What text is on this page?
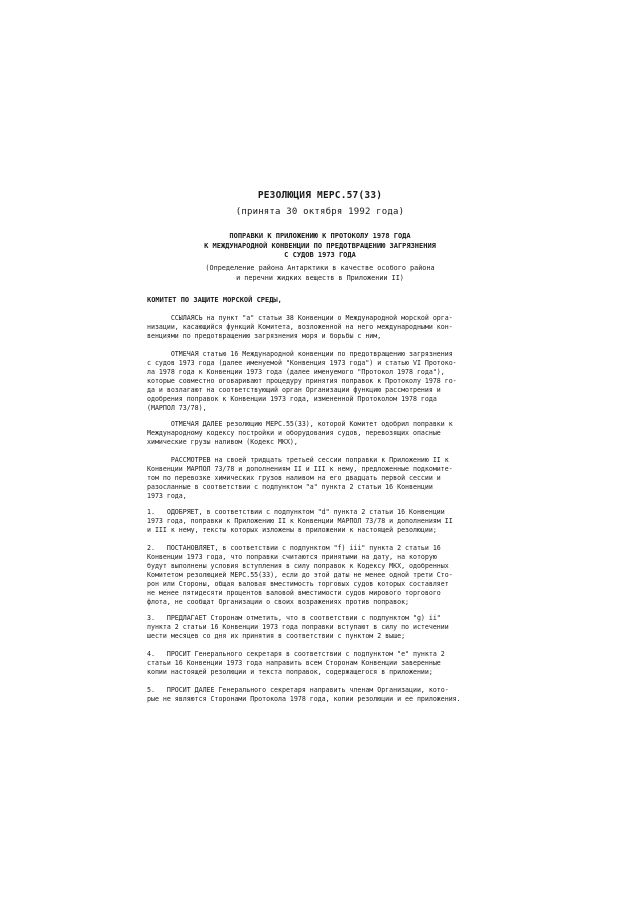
РЕЗОЛЮЦИЯ МЕРС.57(33)
(принята 30 октября 1992 года)
ПОПРАВКИ К ПРИЛОЖЕНИЮ К ПРОТОКОЛУ 1978 ГОДА
К МЕЖДУНАРОДНОЙ КОНВЕНЦИИ ПО ПРЕДОТВРАЩЕНИЮ ЗАГРЯЗНЕНИЯ
С СУДОВ 1973 ГОДА
(Определение района Антарктики в качестве особого района
и перечни жидких веществ в Приложении II)
КОМИТЕТ ПО ЗАЩИТЕ МОРСКОЙ СРЕДЫ,
ССЫЛАЯСЬ на пункт "а" статьи 38 Конвенции о Международной морской орга-
низации, касающийся функций Комитета, возложенной на него международными кон-
венциями по предотвращению загрязнения моря и борьбы с ним,
ОТМЕЧАЯ статью 16 Международной конвенции по предотвращению загрязнения
с судов 1973 года (далее именуемой "Конвенция 1973 года") и статью VI Протоко-
ла 1978 года к Конвенции 1973 года (далее именуемого "Протокол 1978 года"),
которые совместно оговаривают процедуру принятия поправок к Протоколу 1978 го-
да и возлагают на соответствующий орган Организации функцию рассмотрения и
одобрения поправок к Конвенции 1973 года, измененной Протоколом 1978 года
(МАРПОЛ 73/78),
ОТМЕЧАЯ ДАЛЕЕ резолюцию МЕРС.55(33), которой Комитет одобрил поправки к
Международному кодексу постройки и оборудования судов, перевозящих опасные
химические грузы наливом (Кодекс МКХ),
РАССМОТРЕВ на своей тридцать третьей сессии поправки к Приложению II к
Конвенции МАРПОЛ 73/78 и дополнениям II и III к нему, предложенные подкомите-
том по перевозке химических грузов наливом на его двадцать первой сессии и
разосланные в соответствии с подпунктом "а" пункта 2 статьи 16 Конвенции
1973 года,
1.   ОДОБРЯЕТ, в соответствии с подпунктом "d" пункта 2 статьи 16 Конвенции
1973 года, поправки к Приложению II к Конвенции МАРПОЛ 73/78 и дополнениям II
и III к нему, тексты которых изложены в приложении к настоящей резолюции;
2.   ПОСТАНОВЛЯЕТ, в соответствии с подпунктом "f) iii" пункта 2 статьи 16
Конвенции 1973 года, что поправки считаются принятыми на дату, на которую
будут выполнены условия вступления в силу поправок к Кодексу МКХ, одобренных
Комитетом резолюцией МЕРС.55(33), если до этой даты не менее одной трети Сто-
рон или Стороны, общая валовая вместимость торговых судов которых составляет
не менее пятидесяти процентов валовой вместимости судов мирового торгового
флота, не сообщат Организации о своих возражениях против поправок;
3.   ПРЕДЛАГАЕТ Сторонам отметить, что в соответствии с подпунктом "g) ii"
пункта 2 статьи 16 Конвенции 1973 года поправки вступают в силу по истечении
шести месяцев со дня их принятия в соответствии с пунктом 2 выше;
4.   ПРОСИТ Генерального секретаря в соответствии с подпунктом "е" пункта 2
статьи 16 Конвенции 1973 года направить всем Сторонам Конвенции заверенные
копии настоящей резолюции и текста поправок, содержащегося в приложении;
5.   ПРОСИТ ДАЛЕЕ Генерального секретаря направить членам Организации, кото-
рые не являются Сторонами Протокола 1978 года, копии резолюции и ее приложения.
